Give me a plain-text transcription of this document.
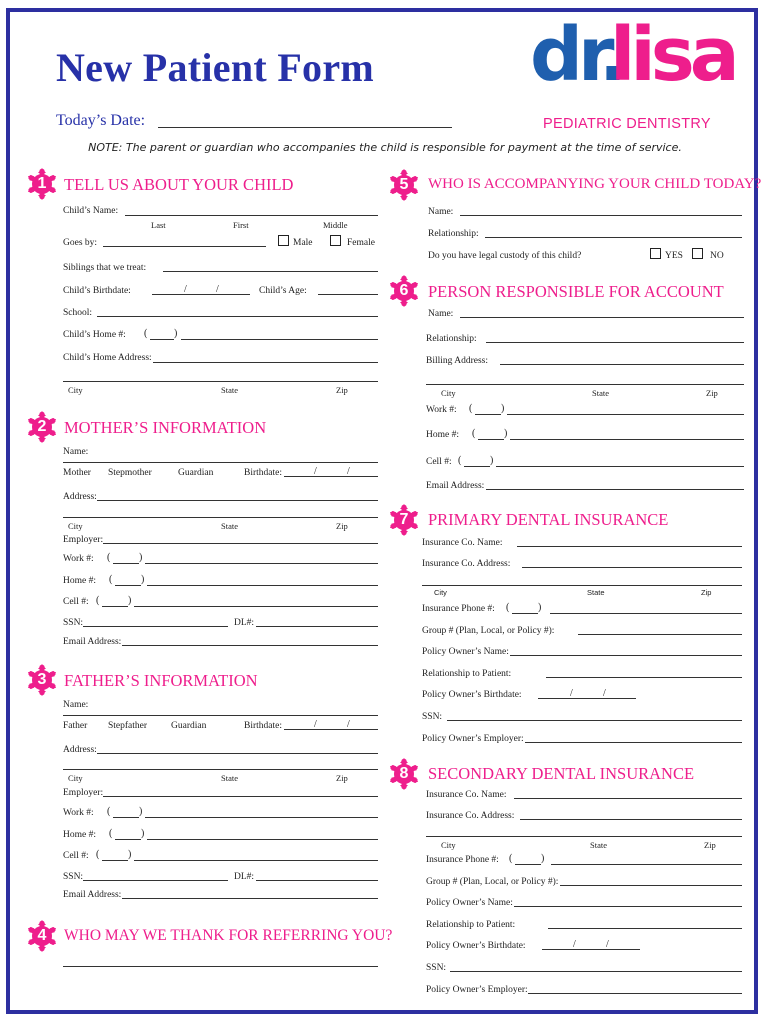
New Patient Form
Today’s Date:
NOTE: The parent or guardian who accompanies the child is responsible for payment at the time of service.
dr.
lisa
PEDIATRIC DENTISTRY
1	TELL US ABOUT YOUR CHILD
Child’s Name:
Last	First	Middle
Goes by:	Male	Female
Siblings that we treat:
Child’s Birthdate:	/	/	Child’s Age:
School:
Child’s Home #: (	)
Child’s Home Address:
City	State	Zip
2	MOTHER’S INFORMATION
Name:
Mother Stepmother	Guardian	Birthdate:	/	/
Address:
City	State	Zip
Employer:
Work #: (	)
Home #: (	)
Cell #: (	)
SSN:	DL#:
Email Address:
3	FATHER’S INFORMATION
Name:
Father Stepfather	Guardian	Birthdate:	/	/
Address:
City	State	Zip
Employer:
Work #: (	)
Home #: (	)
Cell #: (	)
SSN:	DL#:
Email Address:
4	WHO MAY WE THANK FOR REFERRING YOU?
5	WHO IS ACCOMPANYING YOUR CHILD TODAY?
Name:
Relationship:
Do you have legal custody of this child?	YES	NO
6	PERSON RESPONSIBLE FOR ACCOUNT
Name:
Relationship:
Billing Address:
City	State	Zip
Work #: (	)
Home #: (	)
Cell #: (	)
Email Address:
7	PRIMARY DENTAL INSURANCE
Insurance Co. Name:
Insurance Co. Address:
City	State	Zip
Insurance Phone #: (	)
Group # (Plan, Local, or Policy #):
Policy Owner’s Name:
Relationship to Patient:
Policy Owner’s Birthdate:	/	/
SSN:
Policy Owner’s Employer:
8	SECONDARY DENTAL INSURANCE
Insurance Co. Name:
Insurance Co. Address:
City	State	Zip
Insurance Phone #: (	)
Group # (Plan, Local, or Policy #):
Policy Owner’s Name:
Relationship to Patient:
Policy Owner’s Birthdate:	/	/
SSN:
Policy Owner’s Employer:
